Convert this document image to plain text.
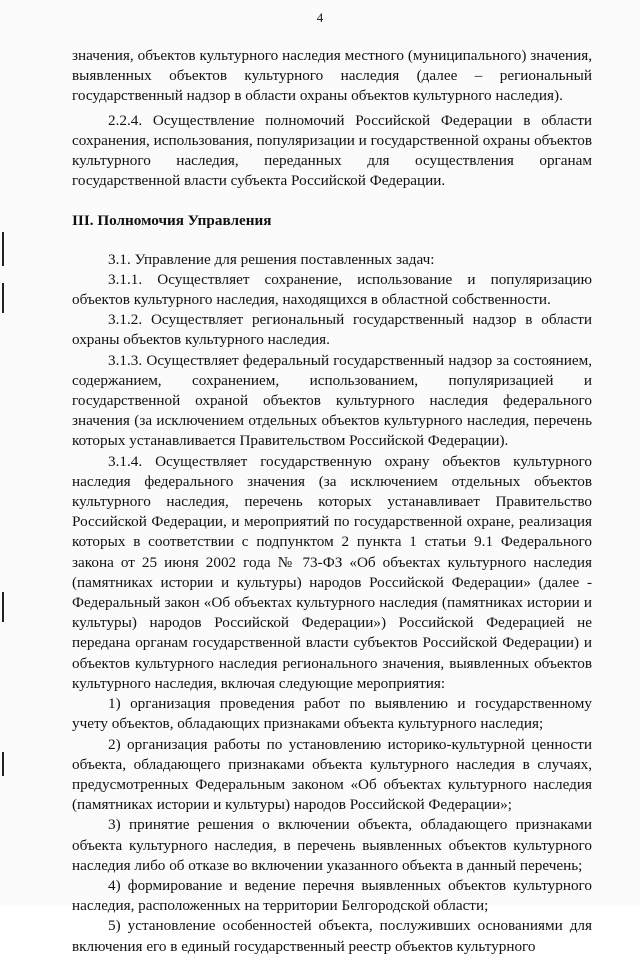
4

значения, объектов культурного наследия местного (муниципального) значения, выявленных объектов культурного наследия (далее – региональный государственный надзор в области охраны объектов культурного наследия).

2.2.4. Осуществление полномочий Российской Федерации в области сохранения, использования, популяризации и государственной охраны объектов культурного наследия, переданных для осуществления органам государственной власти субъекта Российской Федерации.

III. Полномочия Управления

3.1. Управление для решения поставленных задач:

3.1.1. Осуществляет сохранение, использование и популяризацию объектов культурного наследия, находящихся в областной собственности.

3.1.2. Осуществляет региональный государственный надзор в области охраны объектов культурного наследия.

3.1.3. Осуществляет федеральный государственный надзор за состоянием, содержанием, сохранением, использованием, популяризацией и государственной охраной объектов культурного наследия федерального значения (за исключением отдельных объектов культурного наследия, перечень которых устанавливается Правительством Российской Федерации).

3.1.4. Осуществляет государственную охрану объектов культурного наследия федерального значения (за исключением отдельных объектов культурного наследия, перечень которых устанавливает Правительство Российской Федерации, и мероприятий по государственной охране, реализация которых в соответствии с подпунктом 2 пункта 1 статьи 9.1 Федерального закона от 25 июня 2002 года № 73-ФЗ «Об объектах культурного наследия (памятниках истории и культуры) народов Российской Федерации» (далее - Федеральный закон «Об объектах культурного наследия (памятниках истории и культуры) народов Российской Федерации») Российской Федерацией не передана органам государственной власти субъектов Российской Федерации) и объектов культурного наследия регионального значения, выявленных объектов культурного наследия, включая следующие мероприятия:

1) организация проведения работ по выявлению и государственному учету объектов, обладающих признаками объекта культурного наследия;

2) организация работы по установлению историко-культурной ценности объекта, обладающего признаками объекта культурного наследия в случаях, предусмотренных Федеральным законом «Об объектах культурного наследия (памятниках истории и культуры) народов Российской Федерации»;

3) принятие решения о включении объекта, обладающего признаками объекта культурного наследия, в перечень выявленных объектов культурного наследия либо об отказе во включении указанного объекта в данный перечень;

4) формирование и ведение перечня выявленных объектов культурного наследия, расположенных на территории Белгородской области;

5) установление особенностей объекта, послуживших основаниями для включения его в единый государственный реестр объектов культурного
